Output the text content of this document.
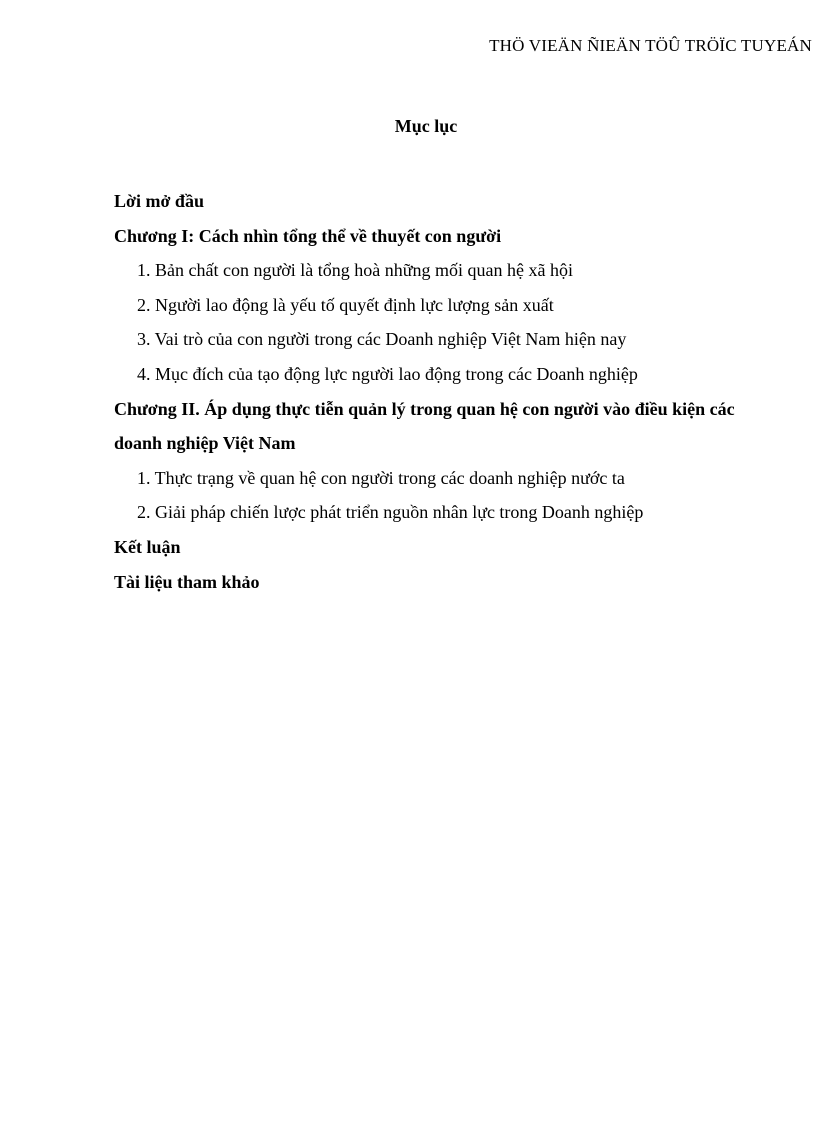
THÖ VIEÄN ÑIEÄN TÖÛ TRÖÏC TUYEÁN
Mục lục
Lời mở đầu
Chương I: Cách nhìn tổng thể về thuyết con người
1. Bản chất con người là tổng hoà những mối quan hệ xã hội
2. Người lao động là yếu tố quyết định lực lượng sản xuất
3. Vai trò của con người trong các Doanh nghiệp Việt Nam hiện nay
4. Mục đích của tạo động lực người lao động trong các Doanh nghiệp
Chương II. Áp dụng thực tiễn quản lý trong quan hệ con người vào điều kiện các doanh nghiệp Việt Nam
1. Thực trạng về quan hệ con người trong các doanh nghiệp nước ta
2. Giải pháp chiến lược phát triển nguồn nhân lực trong Doanh nghiệp
Kết luận
Tài liệu tham khảo
